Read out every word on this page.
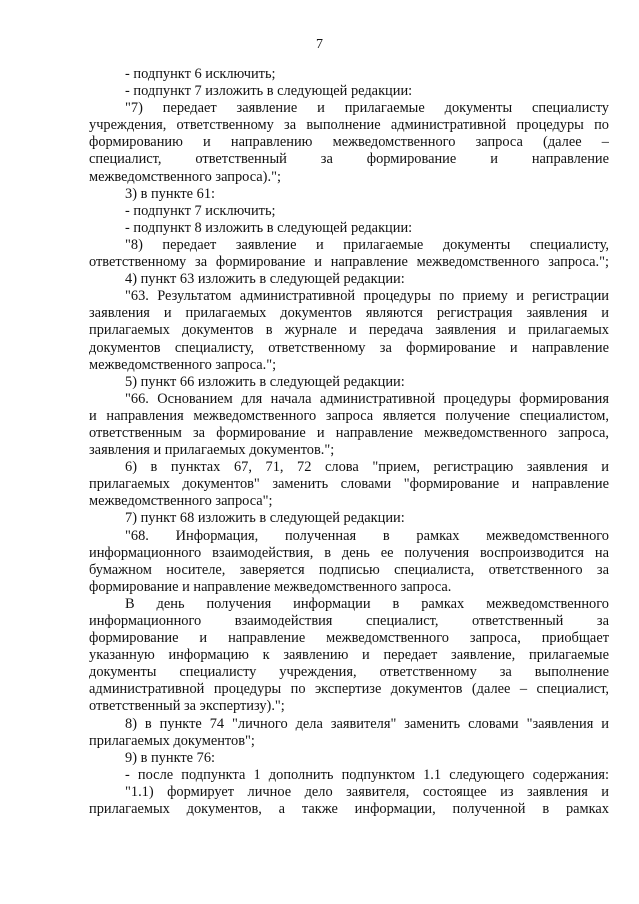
7
- подпункт 6 исключить;
- подпункт 7 изложить в следующей редакции:
"7) передает заявление и прилагаемые документы специалисту
учреждения, ответственному за выполнение административной процедуры по
формированию и направлению межведомственного запроса (далее –
специалист, ответственный за формирование и направление
межведомственного запроса).";
3) в пункте 61:
- подпункт 7 исключить;
- подпункт 8 изложить в следующей редакции:
"8) передает заявление и прилагаемые документы специалисту,
ответственному за формирование и направление межведомственного запроса.";
4) пункт 63 изложить в следующей редакции:
"63. Результатом административной процедуры по приему и регистрации
заявления и прилагаемых документов являются регистрация заявления и
прилагаемых документов в журнале и передача заявления и прилагаемых
документов специалисту, ответственному за формирование и направление
межведомственного запроса.";
5) пункт 66 изложить в следующей редакции:
"66. Основанием для начала административной процедуры формирования
и направления межведомственного запроса является получение специалистом,
ответственным за формирование и направление межведомственного запроса,
заявления и прилагаемых документов.";
6) в пунктах 67, 71, 72 слова "прием, регистрацию заявления и
прилагаемых документов" заменить словами "формирование и направление
межведомственного запроса";
7) пункт 68 изложить в следующей редакции:
"68. Информация, полученная в рамках межведомственного
информационного взаимодействия, в день ее получения воспроизводится на
бумажном носителе, заверяется подписью специалиста, ответственного за
формирование и направление межведомственного запроса.
В день получения информации в рамках межведомственного
информационного взаимодействия специалист, ответственный за
формирование и направление межведомственного запроса, приобщает
указанную информацию к заявлению и передает заявление, прилагаемые
документы специалисту учреждения, ответственному за выполнение
административной процедуры по экспертизе документов (далее – специалист,
ответственный за экспертизу).";
8) в пункте 74 "личного дела заявителя" заменить словами "заявления и
прилагаемых документов";
9) в пункте 76:
- после подпункта 1 дополнить подпунктом 1.1 следующего содержания:
"1.1) формирует личное дело заявителя, состоящее из заявления и
прилагаемых документов, а также информации, полученной в рамках
